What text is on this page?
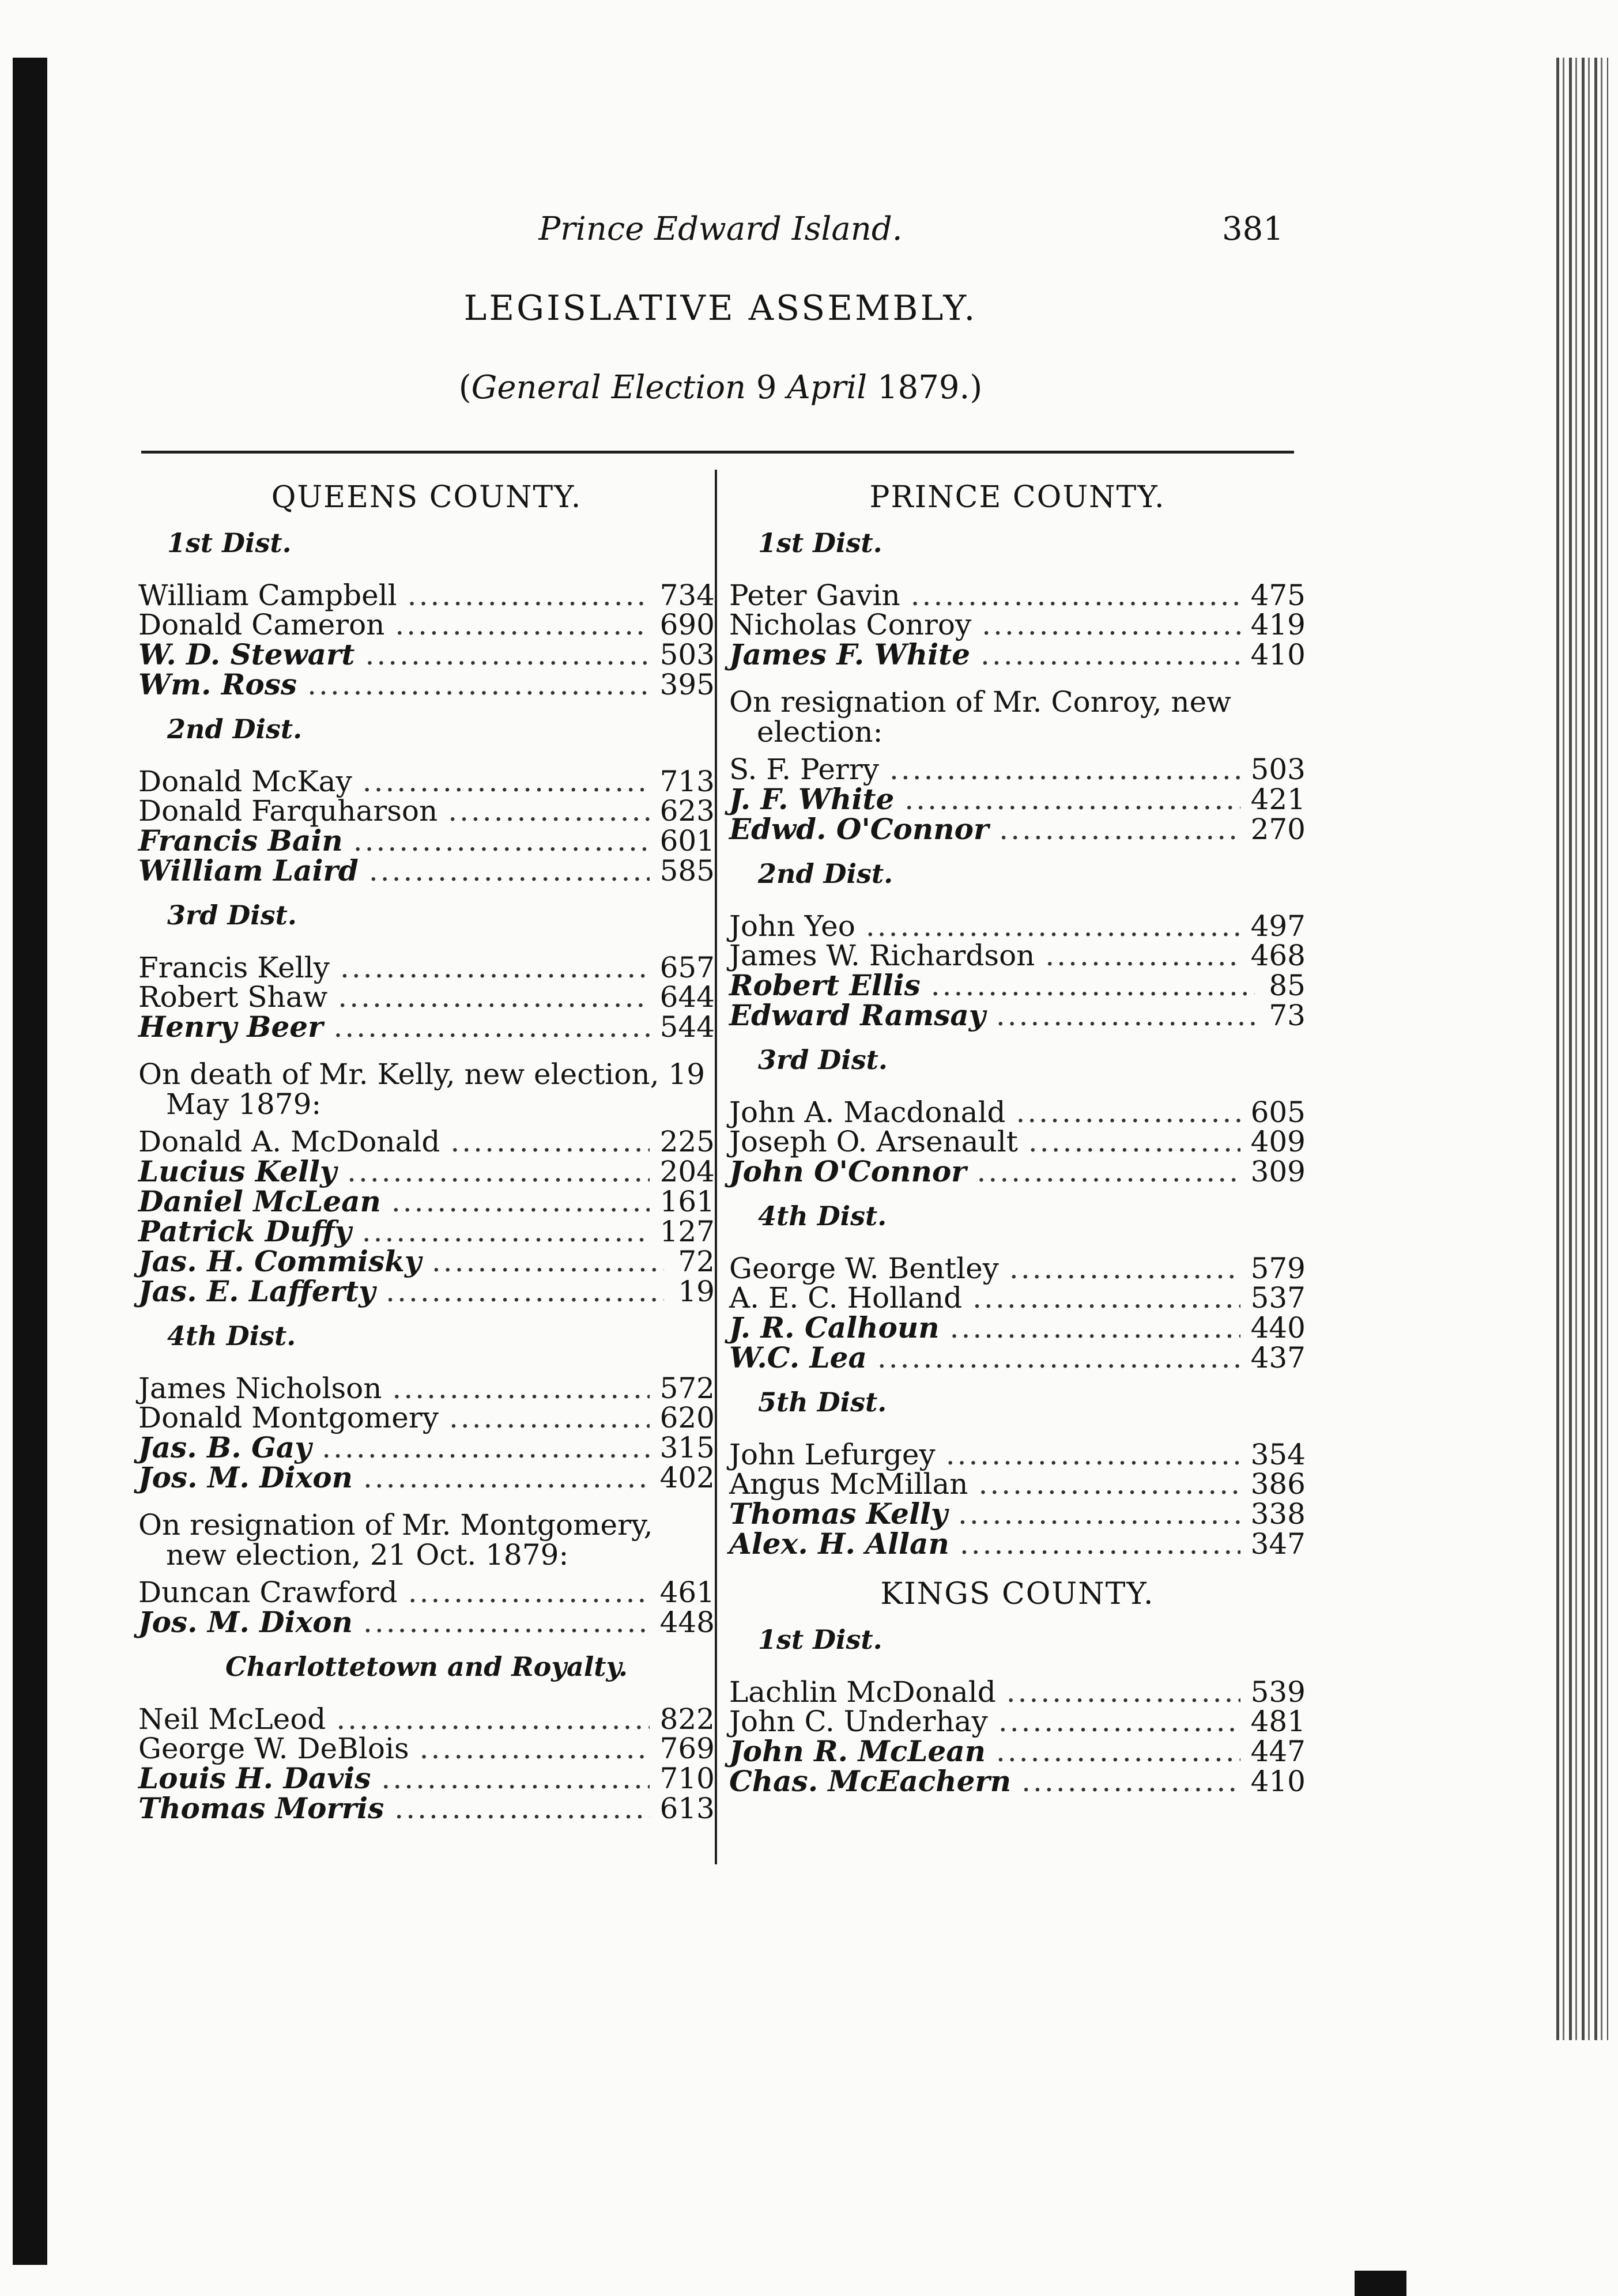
Prince Edward Island.	381
LEGISLATIVE ASSEMBLY.
(General Election 9 April 1879.)
QUEENS COUNTY.
1st Dist.
William Campbell .....	734
Donald Cameron .....	690
W. D. Stewart .....	503
Wm. Ross .....	395
2nd Dist.
Donald McKay .....	713
Donald Farquharson .....	623
Francis Bain .....	601
William Laird .....	585
3rd Dist.
Francis Kelly .....	657
Robert Shaw .....	644
Henry Beer .....	544
On death of Mr. Kelly, new election, 19 May 1879:
Donald A. McDonald .....	225
Lucius Kelly .....	204
Daniel McLean .....	161
Patrick Duffy .....	127
Jas. H. Commisky .....	72
Jas. E. Lafferty .....	19
4th Dist.
James Nicholson .....	572
Donald Montgomery .....	620
Jas. B. Gay .....	315
Jos. M. Dixon .....	402
On resignation of Mr. Montgomery, new election, 21 Oct. 1879:
Duncan Crawford .....	461
Jos. M. Dixon .....	448
Charlottetown and Royalty.
Neil McLeod .....	822
George W. DeBlois .....	769
Louis H. Davis .....	710
Thomas Morris .....	613
PRINCE COUNTY.
1st Dist.
Peter Gavin .....	475
Nicholas Conroy .....	419
James F. White .....	410
On resignation of Mr. Conroy, new election:
S. F. Perry .....	503
J. F. White .....	421
Edwd. O'Connor .....	270
2nd Dist.
John Yeo .....	497
James W. Richardson .....	468
Robert Ellis .....	85
Edward Ramsay .....	73
3rd Dist.
John A. Macdonald .....	605
Joseph O. Arsenault .....	409
John O'Connor .....	309
4th Dist.
George W. Bentley .....	579
A. E. C. Holland .....	537
J. R. Calhoun .....	440
W.C. Lea .....	437
5th Dist.
John Lefurgey .....	354
Angus McMillan .....	386
Thomas Kelly .....	338
Alex. H. Allan .....	347
KINGS COUNTY.
1st Dist.
Lachlin McDonald .....	539
John C. Underhay .....	481
John R. McLean .....	447
Chas. McEachern .....	410
